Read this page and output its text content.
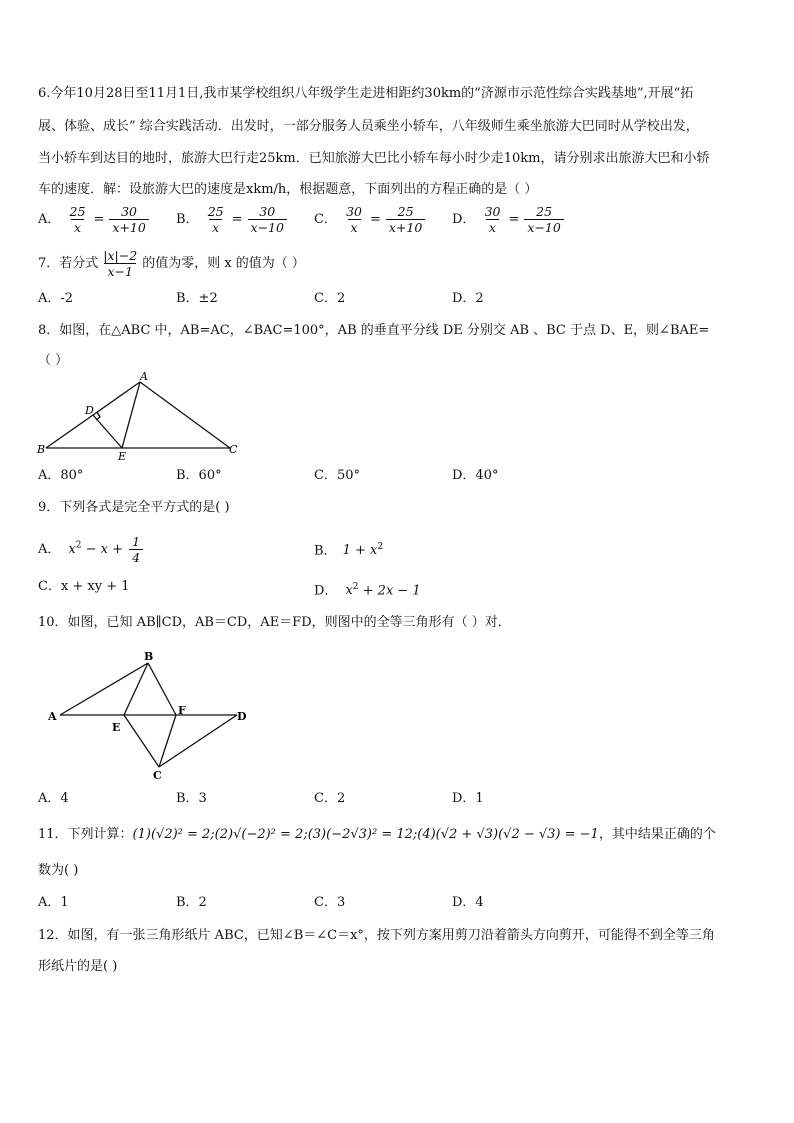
6.今年10月28日至11月1日,我市某学校组织八年级学生走进相距约30km的“济源市示范性综合实践基地”,开展“拓
展、体验、成长” 综合实践活动．出发时，一部分服务人员乘坐小轿车，八年级师生乘坐旅游大巴同时从学校出发，
当小轿车到达目的地时，旅游大巴行走25km．已知旅游大巴比小轿车每小时少走10km，请分别求出旅游大巴和小轿
车的速度．解：设旅游大巴的速度是xkm/h，根据题意，下面列出的方程正确的是（ ）
A． $\frac{25}{x} = \frac{30}{x+10}$ B． $\frac{25}{x} = \frac{30}{x-10}$ C． $\frac{30}{x} = \frac{25}{x+10}$ D． $\frac{30}{x} = \frac{25}{x-10}$
7．若分式 $\frac{|x|-2}{x-1}$ 的值为零，则 x 的值为（ ）
A．-2	B．±2	C．2	D．2
8．如图，在△ABC 中，AB=AC，∠BAC=100°，AB 的垂直平分线 DE 分别交 AB 、BC 于点 D、E，则∠BAE=
（ ）
A
B	C
D
E
A．80°	B．60°	C．50°	D．40°
9．下列各式是完全平方式的是( )
A． $x^2 - x + \frac{1}{4}$	B． $1 + x^2$
C．x + xy + 1	D． $x^2 + 2x - 1$
10．如图，已知 AB∥CD，AB＝CD，AE＝FD，则图中的全等三角形有（ ）对．
B
A
E
F	D
C
A．4	B．3	C．2	D．1
11．下列计算：(1)(√2)² = 2;(2)√(−2)² = 2;(3)(−2√3)² = 12;(4)(√2 + √3)(√2 − √3) = −1，其中结果正确的个
数为( )
A．1	B．2	C．3	D．4
12．如图，有一张三角形纸片 ABC，已知∠B＝∠C＝x°，按下列方案用剪刀沿着箭头方向剪开，可能得不到全等三角
形纸片的是( )
